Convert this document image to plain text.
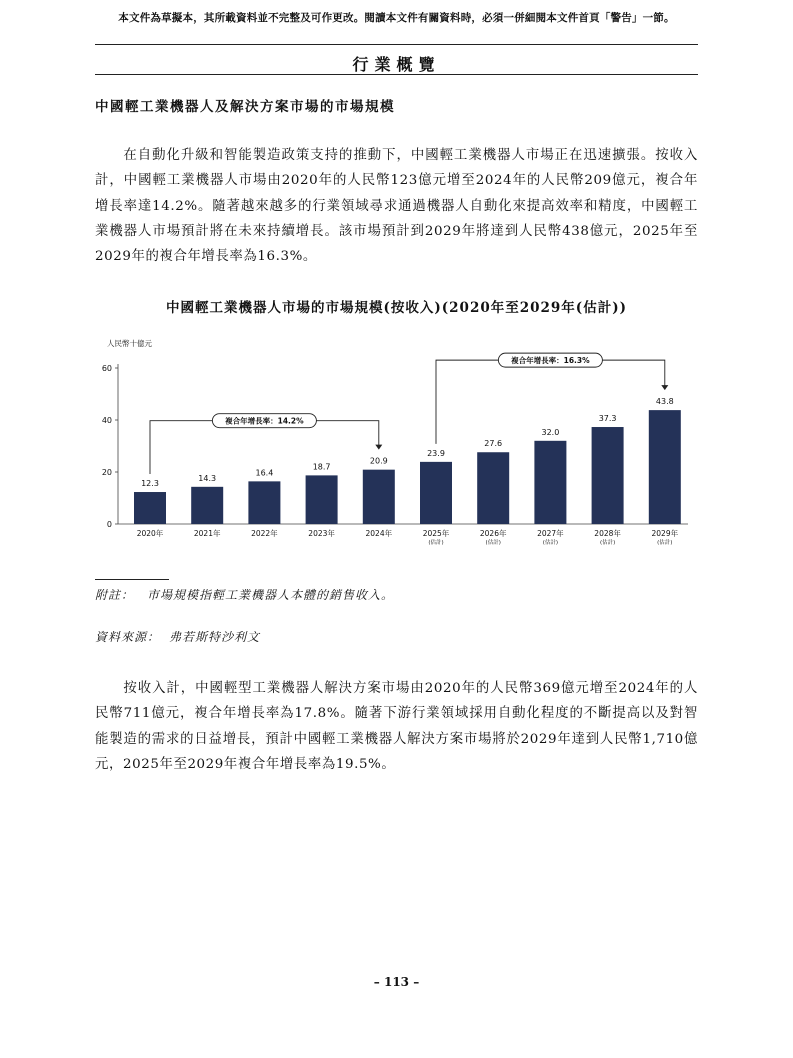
本文件為草擬本，其所載資料並不完整及可作更改。閱讀本文件有關資料時，必須一併細閱本文件首頁「警告」一節。
行業概覽
中國輕工業機器人及解決方案市場的市場規模

在自動化升級和智能製造政策支持的推動下，中國輕工業機器人市場正在迅速擴張。按收入計，中國輕工業機器人市場由2020年的人民幣123億元增至2024年的人民幣209億元，複合年增長率達14.2%。隨著越來越多的行業領域尋求通過機器人自動化來提高效率和精度，中國輕工業機器人市場預計將在未來持續增長。該市場預計到2029年將達到人民幣438億元，2025年至2029年的複合年增長率為16.3%。

中國輕工業機器人市場的市場規模(按收入)(2020年至2029年(估計))
人民幣十億元
0
20
40
60
12.3
2020年
14.3
2021年
16.4
2022年
18.7
2023年
20.9
2024年
23.9
2025年
(估計)
27.6
2026年
(估計)
32.0
2027年
(估計)
37.3
2028年
(估計)
43.8
2029年
(估計)
複合年增長率：14.2%
複合年增長率：16.3%
附註： 市場規模指輕工業機器人本體的銷售收入。
資料來源： 弗若斯特沙利文

按收入計，中國輕型工業機器人解決方案市場由2020年的人民幣369億元增至2024年的人民幣711億元，複合年增長率為17.8%。隨著下游行業領域採用自動化程度的不斷提高以及對智能製造的需求的日益增長，預計中國輕工業機器人解決方案市場將於2029年達到人民幣1,710億元，2025年至2029年複合年增長率為19.5%。

– 113 –
